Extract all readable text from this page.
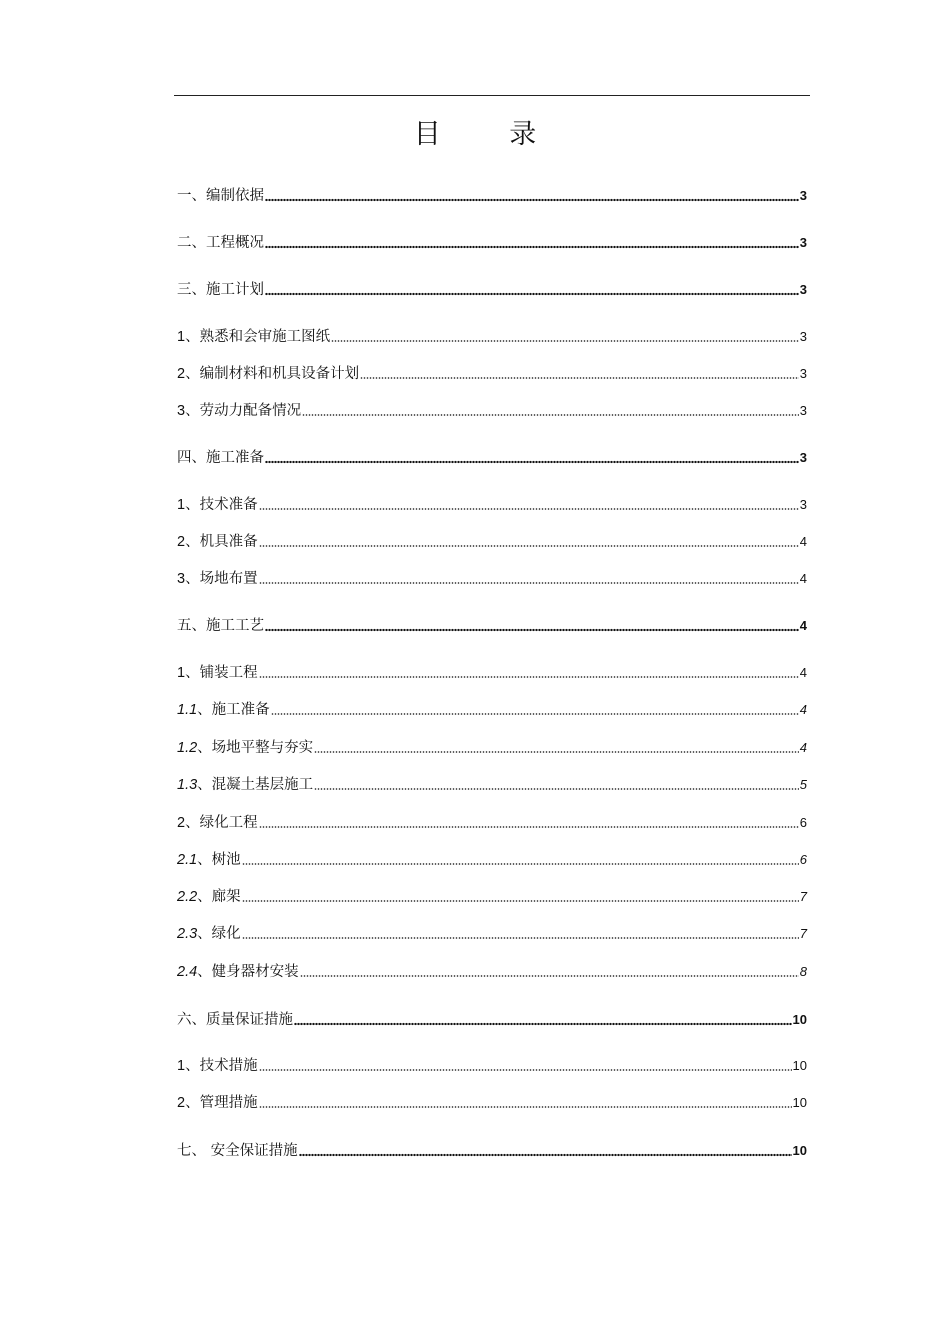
目 录
一、编制依据	3
二、工程概况	3
三、施工计划	3
1、熟悉和会审施工图纸	3
2、编制材料和机具设备计划	3
3、劳动力配备情况	3
四、施工准备	3
1、技术准备	3
2、机具准备	4
3、场地布置	4
五、施工工艺	4
1、铺装工程	4
1.1、施工准备	4
1.2、场地平整与夯实	4
1.3、混凝土基层施工	5
2、绿化工程	6
2.1、树池	6
2.2、廊架	7
2.3、绿化	7
2.4、健身器材安装	8
六、质量保证措施	10
1、技术措施	10
2、管理措施	10
七、 安全保证措施	10
